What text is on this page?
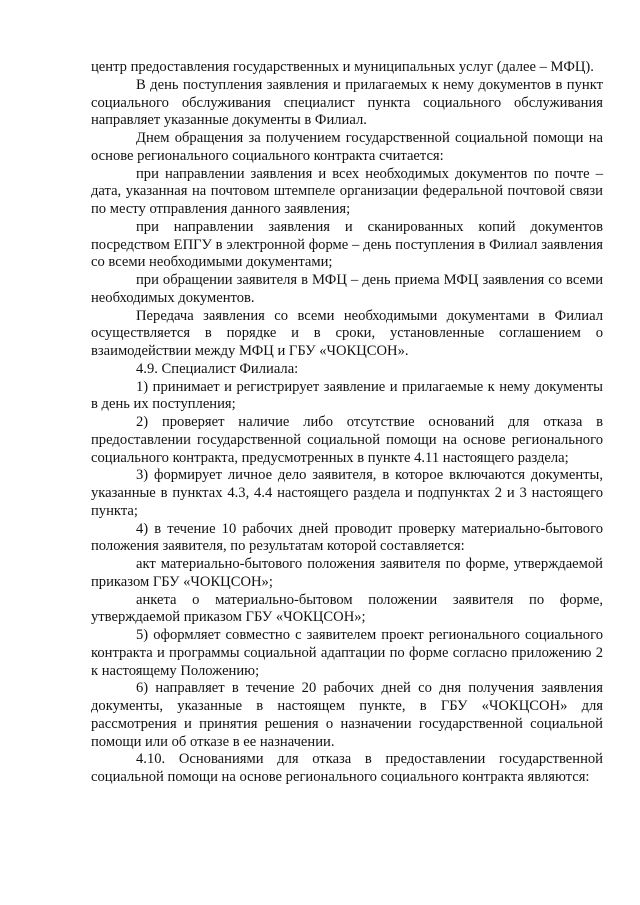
центр предоставления государственных и муниципальных услуг (далее – МФЦ).

В день поступления заявления и прилагаемых к нему документов в пункт социального обслуживания специалист пункта социального обслуживания направляет указанные документы в Филиал.

Днем обращения за получением государственной социальной помощи на основе регионального социального контракта считается:

при направлении заявления и всех необходимых документов по почте – дата, указанная на почтовом штемпеле организации федеральной почтовой связи по месту отправления данного заявления;

при направлении заявления и сканированных копий документов посредством ЕПГУ в электронной форме – день поступления в Филиал заявления со всеми необходимыми документами;

при обращении заявителя в МФЦ – день приема МФЦ заявления со всеми необходимых документов.

Передача заявления со всеми необходимыми документами в Филиал осуществляется в порядке и в сроки, установленные соглашением о взаимодействии между МФЦ и ГБУ «ЧОКЦСОН».

4.9. Специалист Филиала:

1) принимает и регистрирует заявление и прилагаемые к нему документы в день их поступления;

2) проверяет наличие либо отсутствие оснований для отказа в предоставлении государственной социальной помощи на основе регионального социального контракта, предусмотренных в пункте 4.11 настоящего раздела;

3) формирует личное дело заявителя, в которое включаются документы, указанные в пунктах 4.3, 4.4 настоящего раздела и подпунктах 2 и 3 настоящего пункта;

4) в течение 10 рабочих дней проводит проверку материально-бытового положения заявителя, по результатам которой составляется:

акт материально-бытового положения заявителя по форме, утверждаемой приказом ГБУ «ЧОКЦСОН»;

анкета о материально-бытовом положении заявителя по форме, утверждаемой приказом ГБУ «ЧОКЦСОН»;

5) оформляет совместно с заявителем проект регионального социального контракта и программы социальной адаптации по форме согласно приложению 2

к настоящему Положению;

6) направляет в течение 20 рабочих дней со дня получения заявления документы, указанные в настоящем пункте, в ГБУ «ЧОКЦСОН» для рассмотрения и принятия решения о назначении государственной социальной помощи или об отказе в ее назначении.

4.10. Основаниями для отказа в предоставлении государственной социальной помощи на основе регионального социального контракта являются:
